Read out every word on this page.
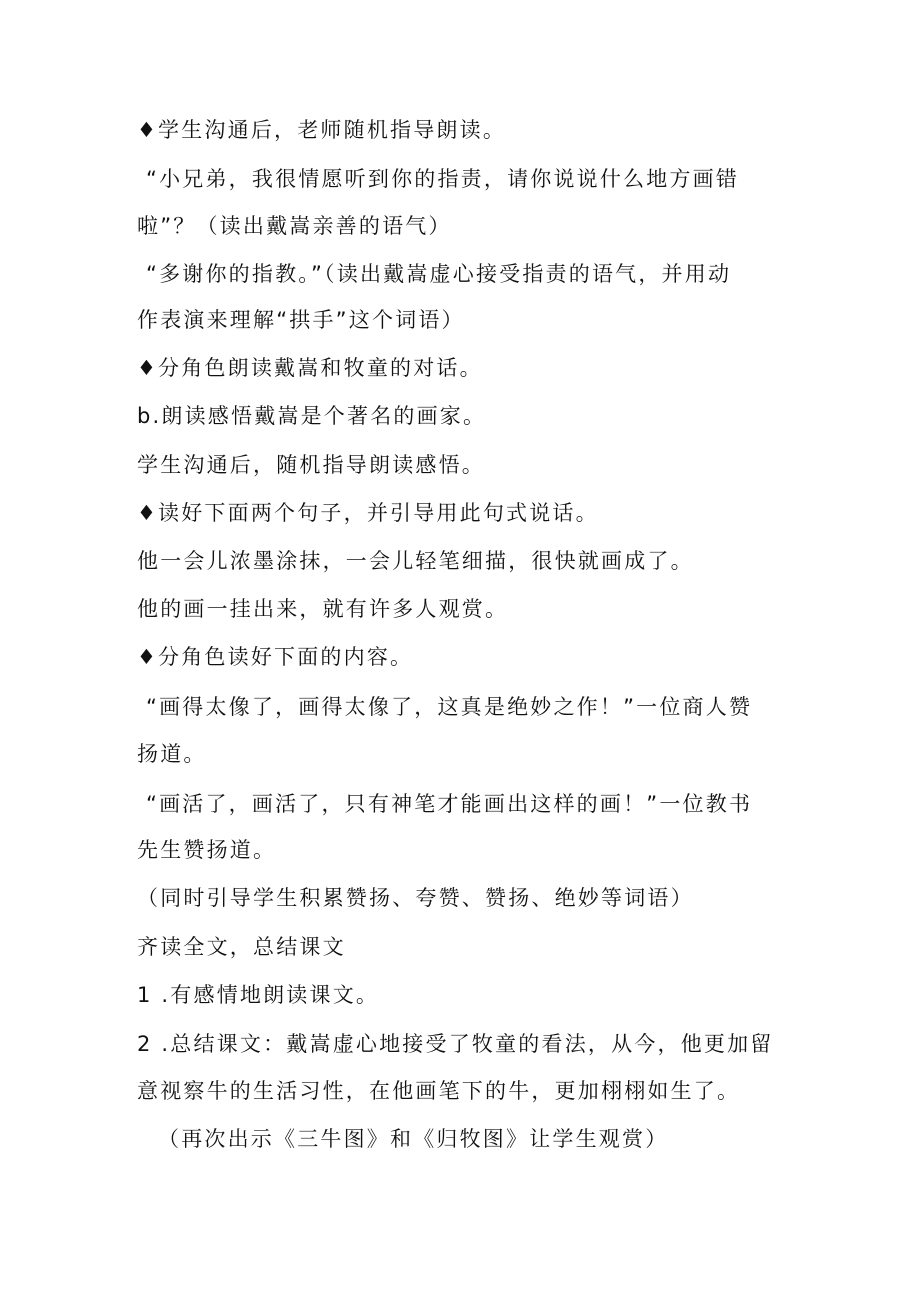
♦学生沟通后，老师随机指导朗读。
“小兄弟，我很情愿听到你的指责，请你说说什么地方画错
啦”？（读出戴嵩亲善的语气）
“多谢你的指教。”（读出戴嵩虚心接受指责的语气，并用动
作表演来理解“拱手”这个词语）
♦分角色朗读戴嵩和牧童的对话。
b.朗读感悟戴嵩是个著名的画家。
学生沟通后，随机指导朗读感悟。
♦读好下面两个句子，并引导用此句式说话。
他一会儿浓墨涂抹，一会儿轻笔细描，很快就画成了。
他的画一挂出来，就有许多人观赏。
♦分角色读好下面的内容。
“画得太像了，画得太像了，这真是绝妙之作！”一位商人赞
扬道。
“画活了，画活了，只有神笔才能画出这样的画！”一位教书
先生赞扬道。
（同时引导学生积累赞扬、夸赞、赞扬、绝妙等词语）
齐读全文，总结课文
1 .有感情地朗读课文。
2 .总结课文：戴嵩虚心地接受了牧童的看法，从今，他更加留
意视察牛的生活习性，在他画笔下的牛，更加栩栩如生了。
（再次出示《三牛图》和《归牧图》让学生观赏）
